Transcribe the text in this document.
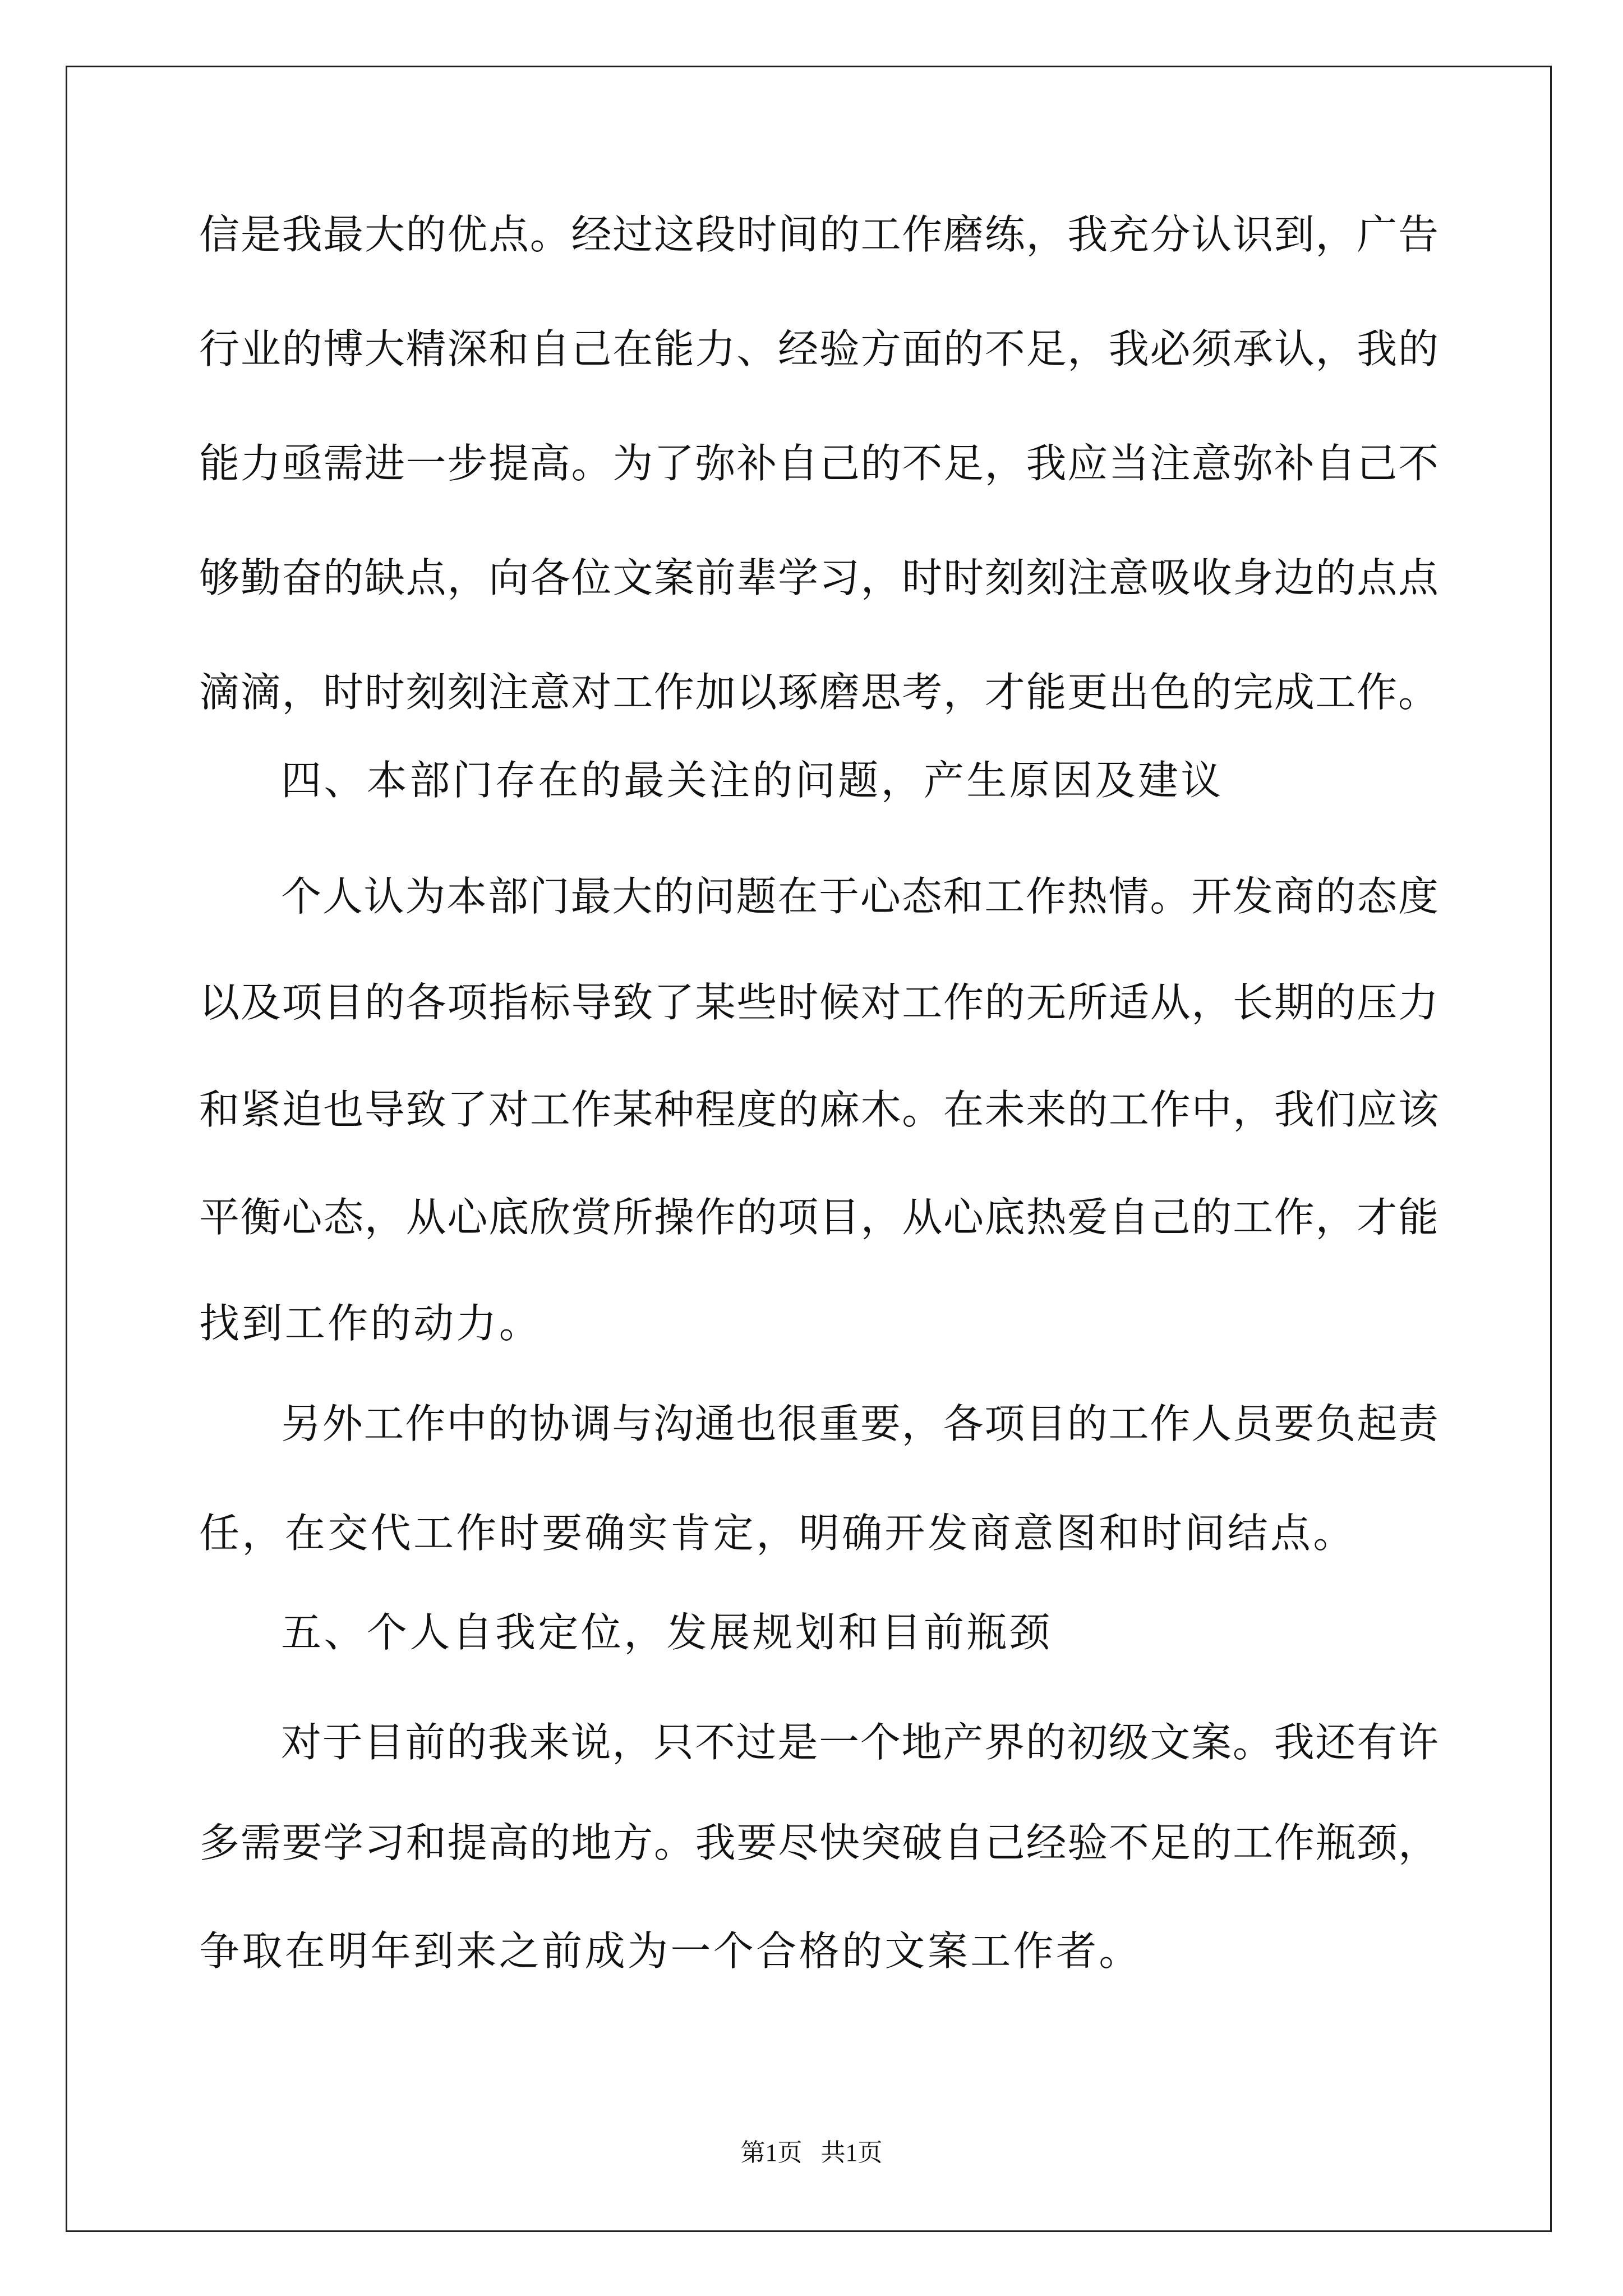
信是我最大的优点。经过这段时间的工作磨练，我充分认识到，广告
行业的博大精深和自己在能力、经验方面的不足，我必须承认，我的
能力亟需进一步提高。为了弥补自己的不足，我应当注意弥补自己不
够勤奋的缺点，向各位文案前辈学习，时时刻刻注意吸收身边的点点
滴滴，时时刻刻注意对工作加以琢磨思考，才能更出色的完成工作。
四、本部门存在的最关注的问题，产生原因及建议
个人认为本部门最大的问题在于心态和工作热情。开发商的态度
以及项目的各项指标导致了某些时候对工作的无所适从，长期的压力
和紧迫也导致了对工作某种程度的麻木。在未来的工作中，我们应该
平衡心态，从心底欣赏所操作的项目，从心底热爱自己的工作，才能
找到工作的动力。
另外工作中的协调与沟通也很重要，各项目的工作人员要负起责
任，在交代工作时要确实肯定，明确开发商意图和时间结点。
五、个人自我定位，发展规划和目前瓶颈
对于目前的我来说，只不过是一个地产界的初级文案。我还有许
多需要学习和提高的地方。我要尽快突破自己经验不足的工作瓶颈，
争取在明年到来之前成为一个合格的文案工作者。
第1页 共1页
